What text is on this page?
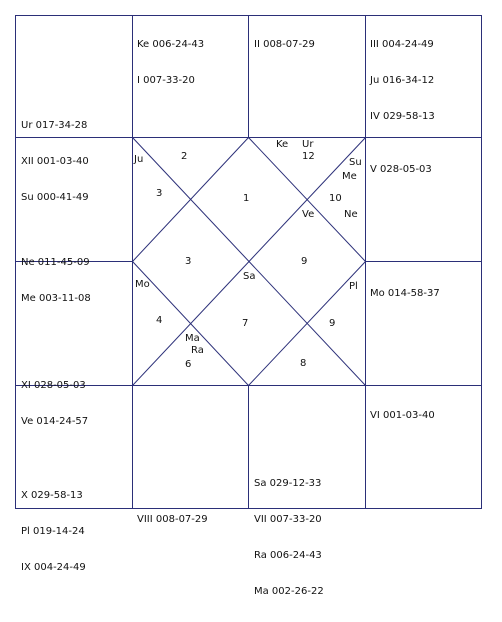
Ur 017-34-28

XII 001-03-40

Su 000-41-49

Ke 006-24-43

I 007-33-20

II 008-07-29

	III 004-24-49

Ju 016-34-12

IV 029-58-13

Ne 011-45-09

Me 003-11-08

V 028-05-03

XI 028-05-03

Ve 014-24-57

Mo 014-58-37

X 029-58-13

Pl 019-14-24

IX 004-24-49

VIII 008-07-29

Sa 029-12-33

VII 007-33-20

Ra 006-24-43

Ma 002-26-22

VI 001-03-40

2
3	1
12
10
3	9
4	7
6	8
9
Ju
Ke Ur
Su
Me
Ve	Ne
Sa
Mo	Pl
Ma
Ra
